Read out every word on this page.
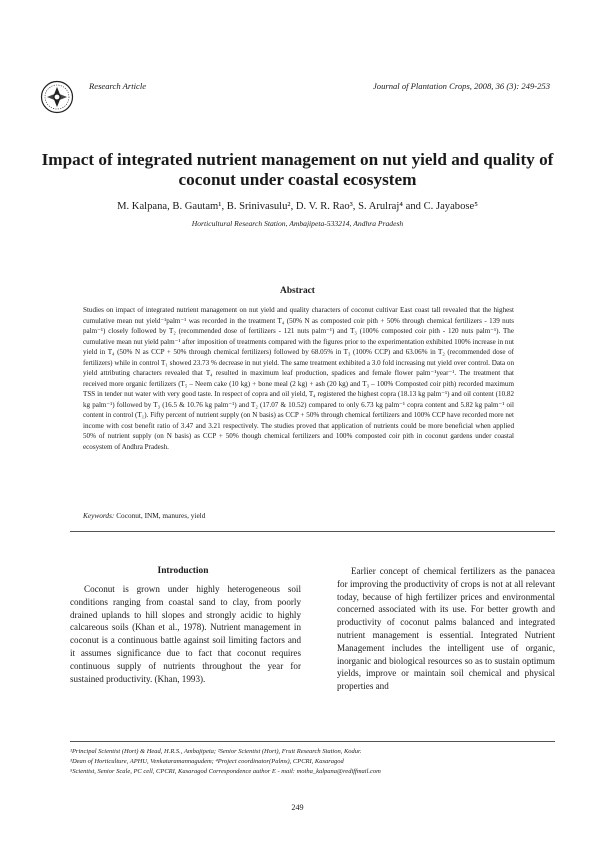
Research Article	Journal of Plantation Crops, 2008, 36 (3): 249-253
Impact of integrated nutrient management on nut yield and quality of coconut under coastal ecosystem
M. Kalpana, B. Gautam¹, B. Srinivasulu², D. V. R. Rao³, S. Arulraj⁴ and C. Jayabose⁵
Horticultural Research Station, Ambajipeta-533214, Andhra Pradesh
Abstract

Studies on impact of integrated nutrient management on nut yield and quality characters of coconut cultivar East coast tall revealed that the highest cumulative mean nut yield⁻¹palm⁻¹ was recorded in the treatment T₄ (50% N as composted coir pith + 50% through chemical fertilizers - 139 nuts palm⁻¹) closely followed by T₂ (recommended dose of fertilizers - 121 nuts palm⁻¹) and T₃ (100% composted coir pith - 120 nuts palm⁻¹). The cumulative mean nut yield palm⁻¹ after imposition of treatments compared with the figures prior to the experimentation exhibited 100% increase in nut yield in T₄ (50% N as CCP + 50% through chemical fertilizers) followed by 68.05% in T₃ (100% CCP) and 63.06% in T₂ (recommended dose of fertilizers) while in control T₁ showed 23.73 % decrease in nut yield. The same treatment exhibited a 3.0 fold increasing nut yield over control. Data on yield attributing characters revealed that T₄ resulted in maximum leaf production, spadices and female flower palm⁻¹year⁻¹. The treatment that received more organic fertilizers (T₅ – Neem cake (10 kg) + bone meal (2 kg) + ash (20 kg) and T₃ – 100% Composted coir pith) recorded maximum TSS in tender nut water with very good taste. In respect of copra and oil yield, T₄ registered the highest copra (18.13 kg palm⁻¹) and oil content (10.82 kg palm⁻¹) followed by T₃ (16.5 & 10.76 kg palm⁻¹) and T₂ (17.07 & 10.52) compared to only 6.73 kg palm⁻¹ copra content and 5.82 kg palm⁻¹ oil content in control (T₁). Fifty percent of nutrient supply (on N basis) as CCP + 50% through chemical fertilizers and 100% CCP have recorded more net income with cost benefit ratio of 3.47 and 3.21 respectively. The studies proved that application of nutrients could be more beneficial when applied 50% of nutrient supply (on N basis) as CCP + 50% though chemical fertilizers and 100% composted coir pith in coconut gardens under coastal ecosystem of Andhra Pradesh.

Keywords: Coconut, INM, manures, yield
Introduction

Coconut is grown under highly heterogeneous soil conditions ranging from coastal sand to clay, from poorly drained uplands to hill slopes and strongly acidic to highly calcareous soils (Khan et al., 1978). Nutrient management in coconut is a continuous battle against soil limiting factors and it assumes significance due to fact that coconut requires continuous supply of nutrients throughout the year for sustained productivity. (Khan, 1993).

Earlier concept of chemical fertilizers as the panacea for improving the productivity of crops is not at all relevant today, because of high fertilizer prices and environmental concerned associated with its use. For better growth and productivity of coconut palms balanced and integrated nutrient management is essential. Integrated Nutrient Management includes the intelligent use of organic, inorganic and biological resources so as to sustain optimum yields, improve or maintain soil chemical and physical properties and

¹Principal Scientist (Hort) & Head, H.R.S., Ambajipeta; ²Senior Scientist (Hort), Fruit Research Station, Kodur.
³Dean of Horticulture, APHU, Venkataramannagudem; ⁴Project coordinator(Palms), CPCRI, Kasaragod
⁵Scientist, Senior Scale, PC cell, CPCRI, Kasaragod Correspondence author E - mail: motha_kalpana@rediffmail.com
249
